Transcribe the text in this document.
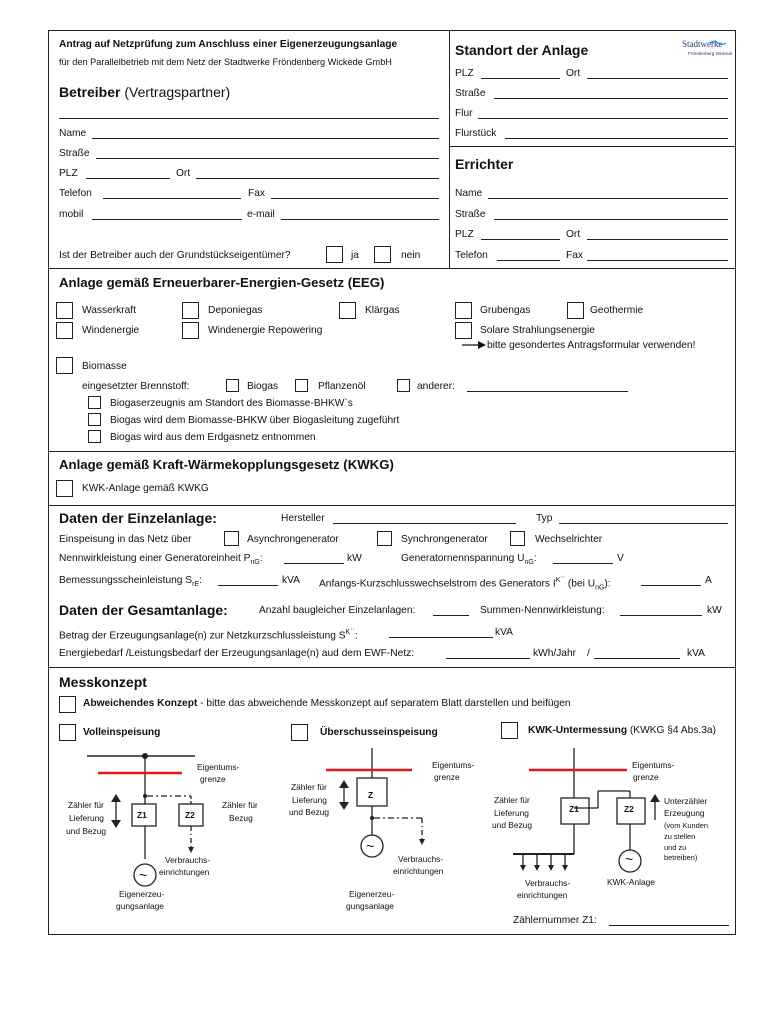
Antrag auf Netzprüfung zum Anschluss einer Eigenerzeugungsanlage
für den Parallelbetrieb mit dem Netz der Stadtwerke Fröndenberg Wickede GmbH
Stadtwerke
Fröndenberg Wickede
Betreiber (Vertragspartner)
Name
Straße
PLZ	Ort
Telefon	Fax
mobil	e-mail
Ist der Betreiber auch der Grundstückseigentümer?	ja	nein
Standort der Anlage
PLZ	Ort
Straße
Flur
Flurstück
Errichter
Name
Straße
PLZ	Ort
Telefon	Fax
Anlage gemäß Erneuerbarer-Energien-Gesetz (EEG)
Wasserkraft	Deponiegas	Klärgas	Grubengas	Geothermie
Windenergie	Windenergie Repowering	Solare Strahlungsenergie
bitte gesondertes Antragsformular verwenden!
Biomasse
eingesetzter Brennstoff:	Biogas	Pflanzenöl	anderer:
Biogaserzeugnis am Standort des Biomasse-BHKW`s
Biogas wird dem Biomasse-BHKW über Biogasleitung zugeführt
Biogas wird aus dem Erdgasnetz entnommen
Anlage gemäß Kraft-Wärmekopplungsgesetz (KWKG)
KWK-Anlage gemäß KWKG
Daten der Einzelanlage:	Hersteller	Typ
Einspeisung in das Netz über	Asynchrongenerator	Synchrongenerator	Wechselrichter
Nennwirkleistung einer Generatoreinheit $P_{nG}$:	kW	Generatornennspannung $U_{nG}$:	V
Bemessungsscheinleistung $S_{rE}$:	kVA Anfangs-Kurzschlusswechselstrom des Generators $I^{K``}$ (bei $U_{nG}$):	A
Daten der Gesamtanlage:	Anzahl baugleicher Einzelanlagen:	Summen-Nennwirkleistung:	kW
Betrag der Erzeugungsanlage(n) zur Netzkurzschlussleistung $S^{K``}$:	kVA
Energiebedarf /Leistungsbedarf der Erzeugungsanlage(n) aud dem EWF-Netz:	kWh/Jahr /	kVA
Messkonzept
Abweichendes Konzept - bitte das abweichende Messkonzept auf separatem Blatt darstellen und beifügen
Volleinspeisung	Überschusseinspeisung	KWK-Untermessung (KWKG §4 Abs.3a)
Eigentums-
grenze
Z1	Z2
Zähler für
Lieferung
und Bezug
Zähler für
Bezug
Verbrauchs-
einrichtungen
~
Eigenerzeu-
gungsanlage
Eigentums-
grenze
Z
Zähler für
Lieferung
und Bezug
Verbrauchs-
einrichtungen
~
Eigenerzeu-
gungsanlage
Eigentums-
grenze
Z1	Z2
Zähler für
Lieferung
und Bezug
Unterzähler
Erzeugung
(vom Kunden
zu stellen
und zu
betreiben)
Verbrauchs-
einrichtungen
KWK-Anlage
~
Zählernummer Z1:
